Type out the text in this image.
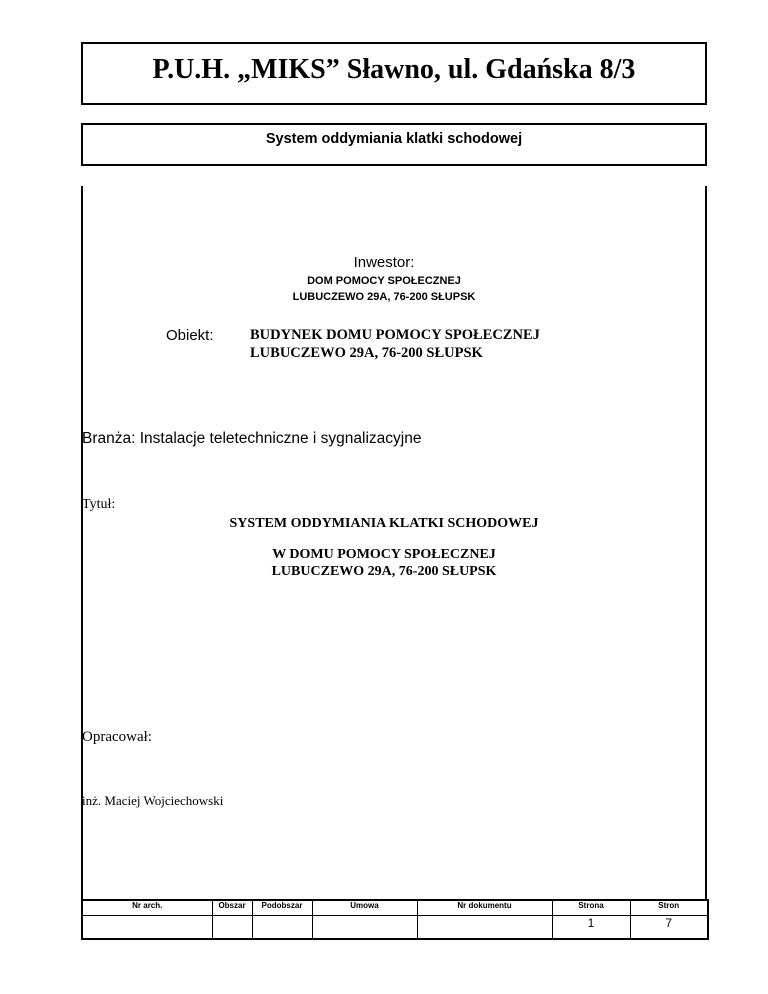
P.U.H. „MIKS” Sławno, ul. Gdańska 8/3
System oddymiania klatki schodowej
Inwestor:
DOM POMOCY SPOŁECZNEJ
LUBUCZEWO 29A, 76-200 SŁUPSK
Obiekt:	BUDYNEK DOMU POMOCY SPOŁECZNEJ
LUBUCZEWO 29A, 76-200 SŁUPSK
Branża: Instalacje teletechniczne i sygnalizacyjne
Tytuł:
SYSTEM ODDYMIANIA KLATKI SCHODOWEJ
W DOMU POMOCY SPOŁECZNEJ
LUBUCZEWO 29A, 76-200 SŁUPSK
Opracował:
inż. Maciej Wojciechowski
Nr arch.	Obszar	Podobszar	Umowa	Nr dokumentu	Strona	Stron
					1	7
